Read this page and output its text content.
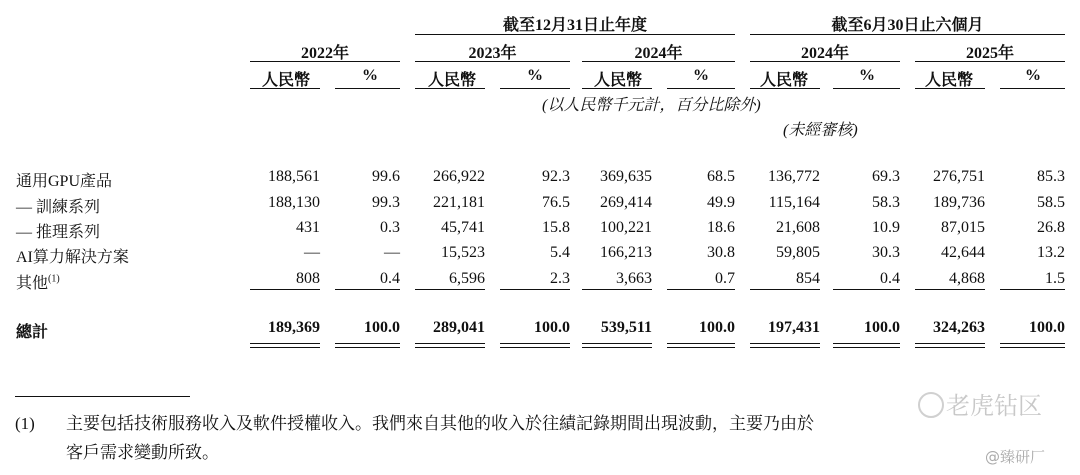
截至12月31日止年度	截至6月30日止六個月
2022年	2023年	2024年	2024年	2025年
人民幣	%	人民幣	%	人民幣	%	人民幣	%	人民幣	%
(以人民幣千元計，百分比除外)
(未經審核)
通用GPU產品	188,561	99.6	266,922	92.3	369,635	68.5	136,772	69.3	276,751	85.3
— 訓練系列	188,130	99.3	221,181	76.5	269,414	49.9	115,164	58.3	189,736	58.5
— 推理系列	431	0.3	45,741	15.8	100,221	18.6	21,608	10.9	87,015	26.8
AI算力解決方案	—	—	15,523	5.4	166,213	30.8	59,805	30.3	42,644	13.2
其他$^{(1)}$	808	0.4	6,596	2.3	3,663	0.7	854	0.4	4,868	1.5
總計	189,369	100.0	289,041	100.0	539,511	100.0	197,431	100.0	324,263	100.0
(1) 主要包括技術服務收入及軟件授權收入。我們來自其他的收入於往績記錄期間出現波動，主要乃由於
客戶需求變動所致。
老虎钻区
@臻研厂
